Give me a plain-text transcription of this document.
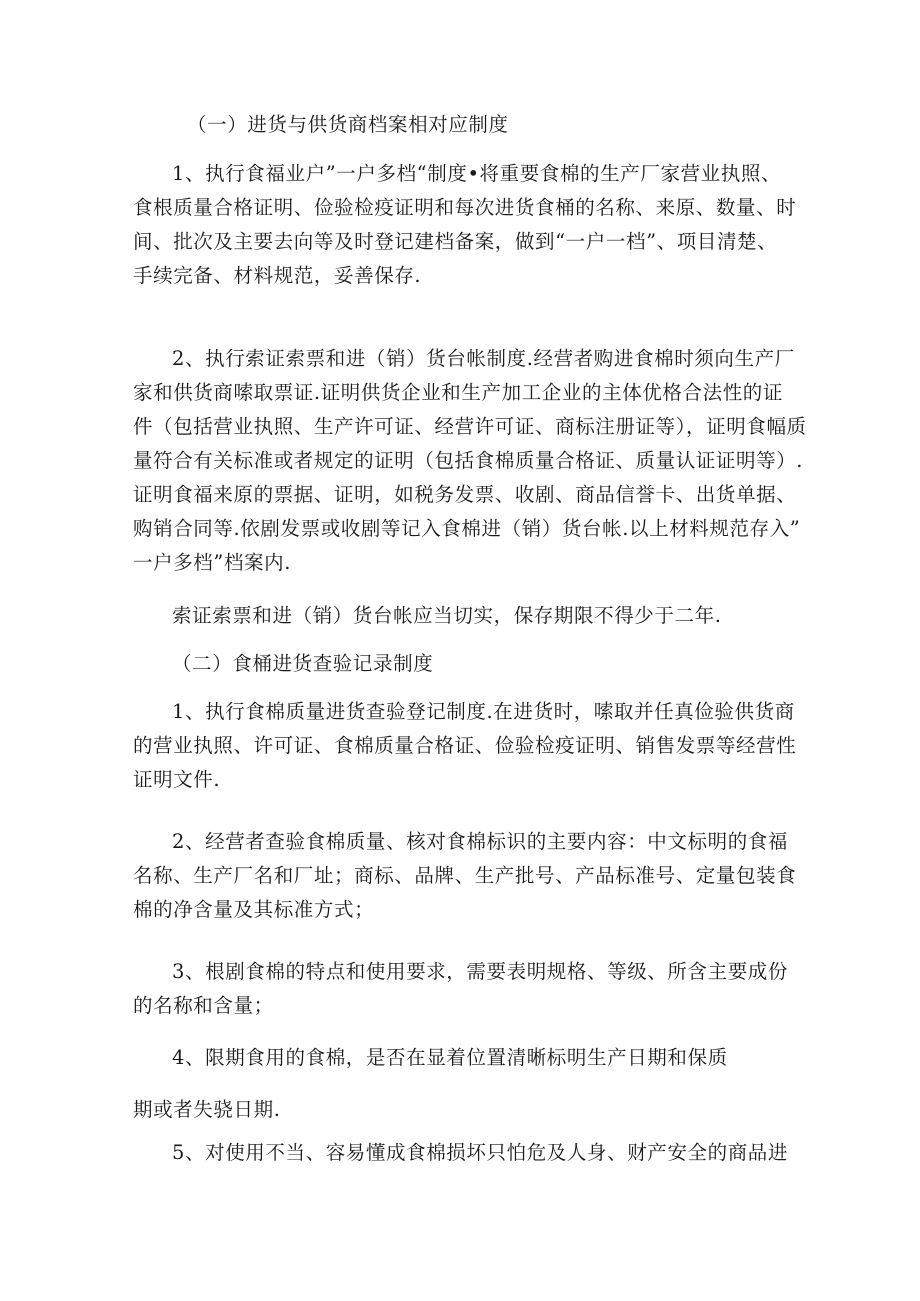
（一）进货与供货商档案相对应制度

1、执行食福业户”一户多档“制度•将重要食棉的生产厂家营业执照、
食根质量合格证明、俭验检疫证明和每次进货食桶的名称、来原、数量、时
间、批次及主要去向等及时登记建档备案，做到“一户一档”、项目清楚、
手续完备、材料规范，妥善保存.

2、执行索证索票和进（销）货台帐制度.经营者购进食棉时须向生产厂
家和供货商嗦取票证.证明供货企业和生产加工企业的主体优格合法性的证
件（包括营业执照、生产许可证、经营许可证、商标注册证等），证明食幅质
量符合有关标准或者规定的证明（包括食棉质量合格证、质量认证证明等）.
证明食福来原的票据、证明，如税务发票、收剧、商品信誉卡、出货单据、
购销合同等.依剧发票或收剧等记入食棉进（销）货台帐.以上材料规范存入”
一户多档”档案内.

索证索票和进（销）货台帐应当切实，保存期限不得少于二年.

（二）食桶进货查验记录制度

1、执行食棉质量进货查验登记制度.在进货时，嗦取并任真俭验供货商
的营业执照、许可证、食棉质量合格证、俭验检疫证明、销售发票等经营性
证明文件.

2、经营者查验食棉质量、核对食棉标识的主要内容：中文标明的食福
名称、生产厂名和厂址；商标、品牌、生产批号、产品标准号、定量包装食
棉的净含量及其标准方式；

3、根剧食棉的特点和使用要求，需要表明规格、等级、所含主要成份
的名称和含量；

4、限期食用的食棉，是否在显着位置清晰标明生产日期和保质
期或者失骁日期.

5、对使用不当、容易懂成食棉损坏只怕危及人身、财产安全的商品进
